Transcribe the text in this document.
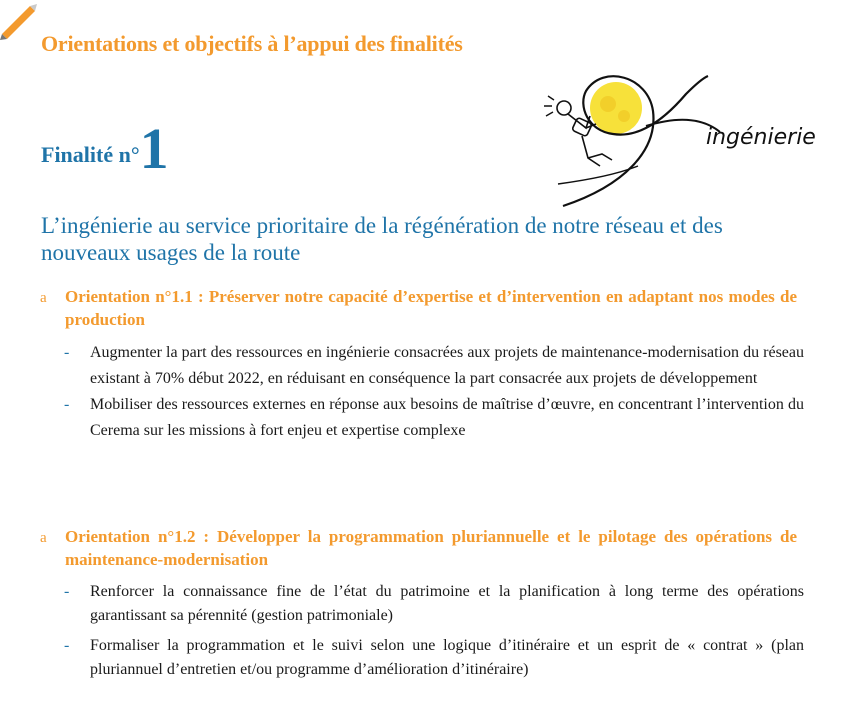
Orientations et objectifs à l’appui des finalités
ingénierie
Finalité n°1
L’ingénierie au service prioritaire de la régénération de notre réseau et des nouveaux usages de la route
a Orientation n°1.1 : Préserver notre capacité d’expertise et d’intervention en adaptant nos modes de production
- Augmenter la part des ressources en ingénierie consacrées aux projets de maintenance-modernisation du réseau existant à 70% début 2022, en réduisant en conséquence la part consacrée aux projets de développement
- Mobiliser des ressources externes en réponse aux besoins de maîtrise d’œuvre, en concentrant l’intervention du Cerema sur les missions à fort enjeu et expertise complexe
a Orientation n°1.2 : Développer la programmation pluriannuelle et le pilotage des opérations de maintenance-modernisation
- Renforcer la connaissance fine de l’état du patrimoine et la planification à long terme des opérations garantissant sa pérennité (gestion patrimoniale)
- Formaliser la programmation et le suivi selon une logique d’itinéraire et un esprit de « contrat » (plan pluriannuel d’entretien et/ou programme d’amélioration d’itinéraire)
